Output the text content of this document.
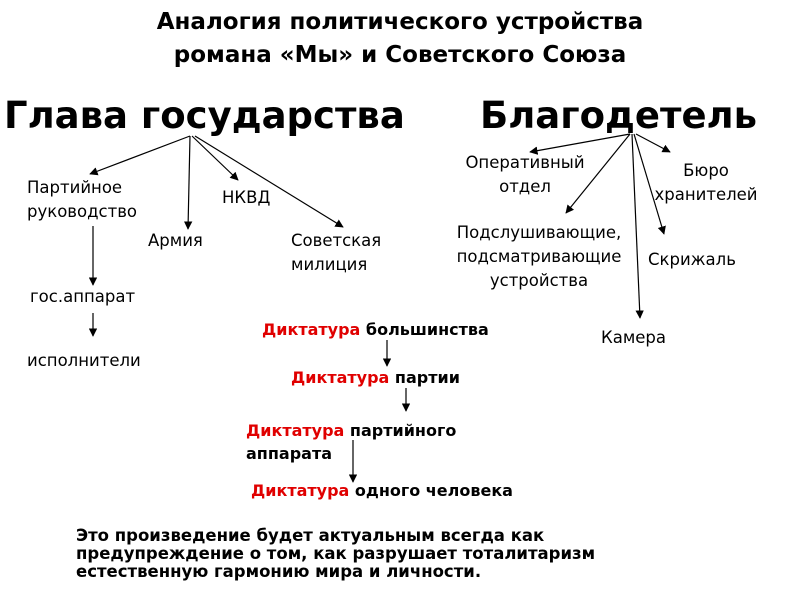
Аналогия политического устройства
романа «Мы» и Советского Союза
Глава государства
Партийное
руководство
Армия
НКВД
Советская
милиция
гос.аппарат
исполнители
Благодетель
Оперативный
отдел
Бюро
хранителей
Подслушивающие,
подсматривающие
устройства
Скрижаль
Камера
Диктатура большинства
Диктатура партии
Диктатура партийного
аппарата
Диктатура одного человека
Это произведение будет актуальным всегда как предупреждение о том, как разрушает тоталитаризм естественную гармонию мира и личности.
